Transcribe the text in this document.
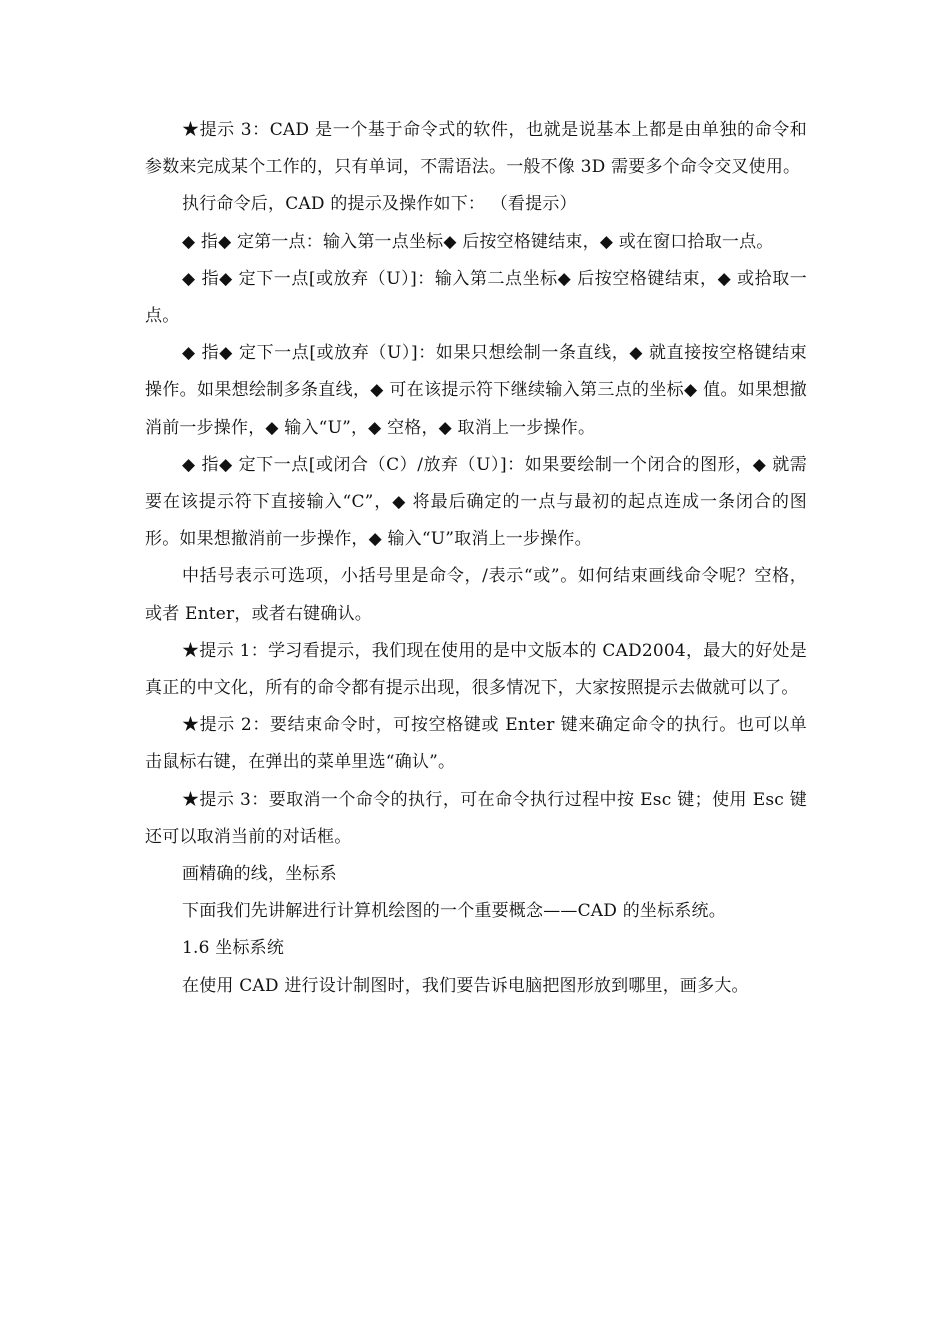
★提示 3：CAD 是一个基于命令式的软件，也就是说基本上都是由单独的命令和参数来完成某个工作的，只有单词，不需语法。一般不像 3D 需要多个命令交叉使用。

执行命令后，CAD 的提示及操作如下： （看提示）

◆ 指◆ 定第一点：输入第一点坐标◆ 后按空格键结束，◆ 或在窗口拾取一点。

◆ 指◆ 定下一点[或放弃（U）]：输入第二点坐标◆ 后按空格键结束，◆ 或拾取一点。

◆ 指◆ 定下一点[或放弃（U）]：如果只想绘制一条直线，◆ 就直接按空格键结束操作。如果想绘制多条直线，◆ 可在该提示符下继续输入第三点的坐标◆ 值。如果想撤消前一步操作，◆ 输入“U”，◆ 空格，◆ 取消上一步操作。

◆ 指◆ 定下一点[或闭合（C）/放弃（U）]：如果要绘制一个闭合的图形，◆ 就需要在该提示符下直接输入“C”，◆ 将最后确定的一点与最初的起点连成一条闭合的图形。如果想撤消前一步操作，◆ 输入“U”取消上一步操作。

中括号表示可选项，小括号里是命令，/表示“或”。如何结束画线命令呢？空格，或者 Enter，或者右键确认。

★提示 1：学习看提示，我们现在使用的是中文版本的 CAD2004，最大的好处是真正的中文化，所有的命令都有提示出现，很多情况下，大家按照提示去做就可以了。

★提示 2：要结束命令时，可按空格键或 Enter 键来确定命令的执行。也可以单击鼠标右键，在弹出的菜单里选“确认”。

★提示 3：要取消一个命令的执行，可在命令执行过程中按 Esc 键；使用 Esc 键还可以取消当前的对话框。

画精确的线，坐标系

下面我们先讲解进行计算机绘图的一个重要概念——CAD 的坐标系统。

1.6 坐标系统

在使用 CAD 进行设计制图时，我们要告诉电脑把图形放到哪里，画多大。
